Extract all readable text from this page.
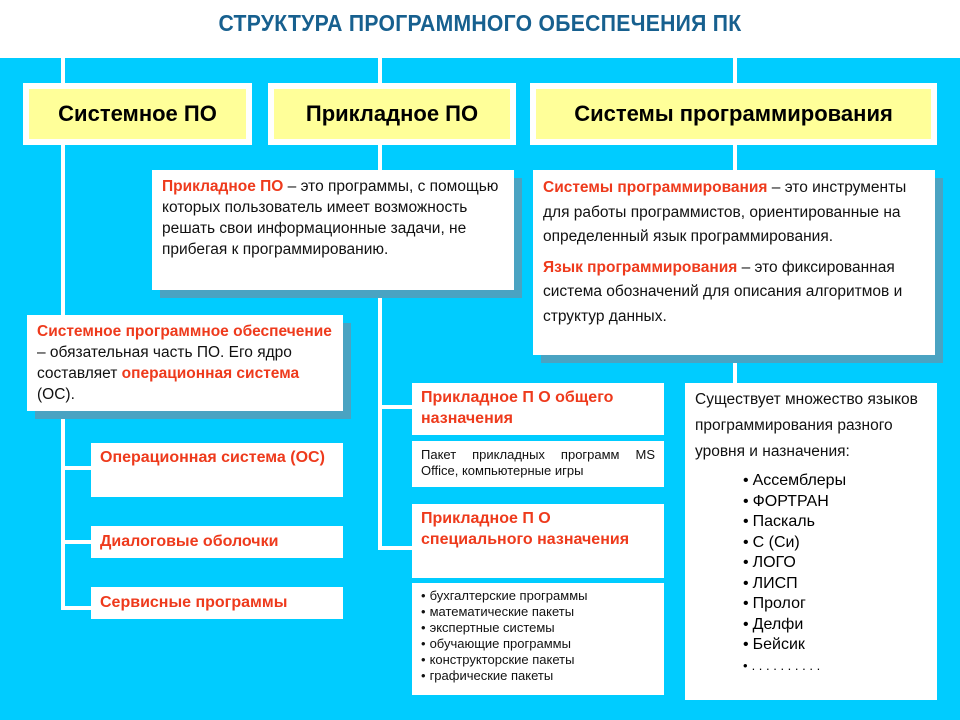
СТРУКТУРА ПРОГРАММНОГО ОБЕСПЕЧЕНИЯ ПК
Системное ПО	Прикладное ПО	Системы программирования
Прикладное ПО – это программы, с помощью которых пользователь имеет возможность решать свои информационные задачи, не прибегая к программированию.
Системы программирования – это инструменты для работы программистов, ориентированные на определенный язык программирования.
Язык программирования – это фиксированная система обозначений для описания алгоритмов и структур данных.
Системное программное обеспечение – обязательная часть ПО. Его ядро составляет операционная система (ОС).
Операционная система (ОС)
Диалоговые оболочки
Сервисные программы
Прикладное П О общего назначения
Пакет прикладных программ MS Office, компьютерные игры
Прикладное П О специального назначения
• бухгалтерские программы
• математические пакеты
• экспертные системы
• обучающие программы
• конструкторские пакеты
• графические пакеты
Существует множество языков программирования разного уровня и назначения:
• Ассемблеры
• ФОРТРАН
• Паскаль
• С (Си)
• ЛОГО
• ЛИСП
• Пролог
• Делфи
• Бейсик
• . . . . . . . . . .
